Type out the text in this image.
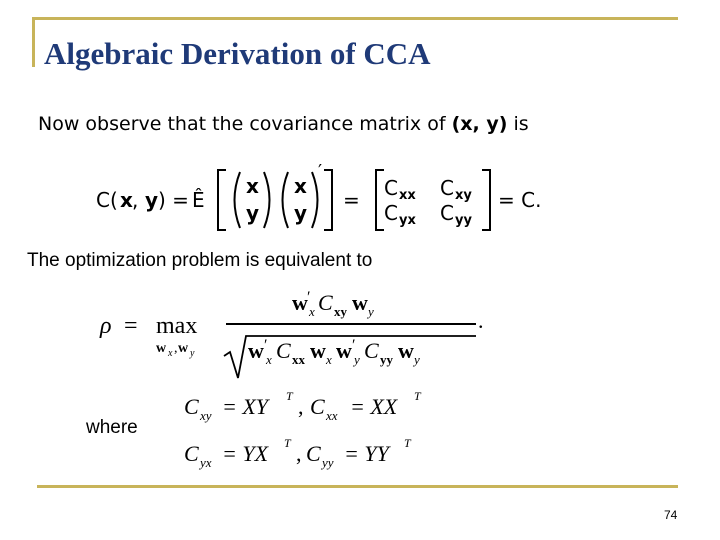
Algebraic Derivation of CCA
Now observe that the covariance matrix of (x, y) is
C( x , y ) = Ê
x
y
x
y
′
= C xx C xy
C yx C yy
= C.
The optimization problem is equivalent to
ρ = max
w x , w y
w ′
x C xy w y
w ′
x C xx w x w ′
y C yy w y
.
where
C xy = XY T , C xx = XX T
C yx = YX T , C yy = YY T
74
